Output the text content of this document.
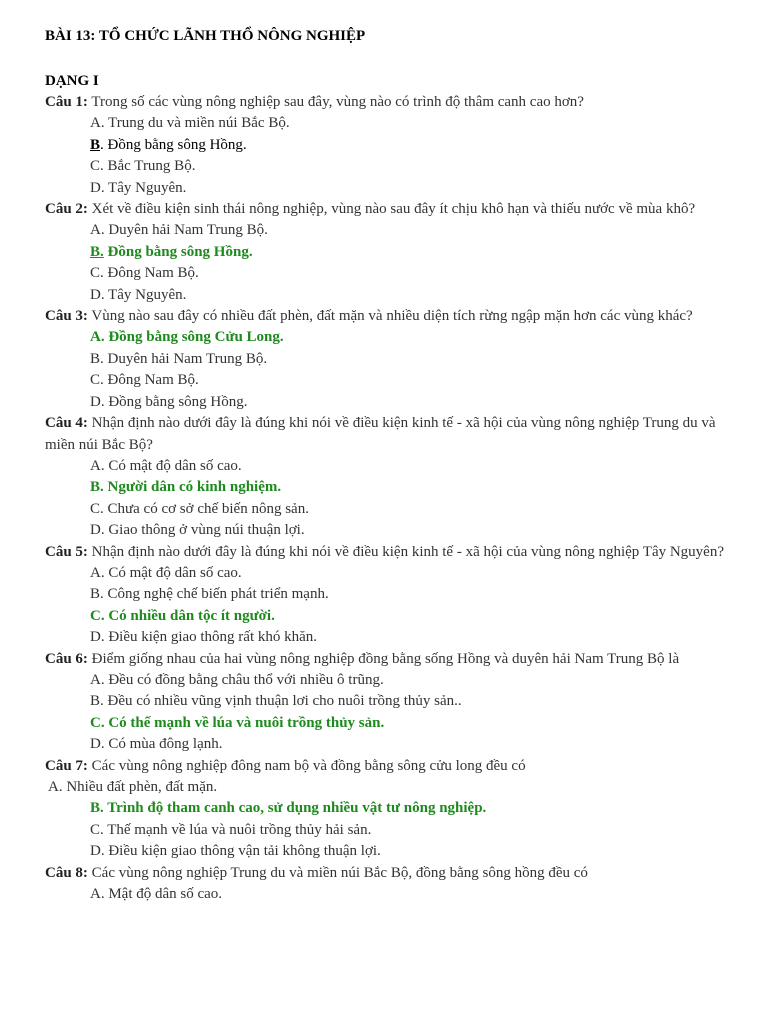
BÀI 13: TỔ CHỨC LÃNH THỔ NÔNG NGHIỆP
DẠNG I
Câu 1: Trong số các vùng nông nghiệp sau đây, vùng nào có trình độ thâm canh cao hơn?
A. Trung du và miền núi Bắc Bộ.
B. Đồng bằng sông Hồng.
C. Bắc Trung Bộ.
D. Tây Nguyên.
Câu 2: Xét về điều kiện sinh thái nông nghiệp, vùng nào sau đây ít chịu khô hạn và thiếu nước về mùa khô?
A. Duyên hải Nam Trung Bộ.
B. Đồng bằng sông Hồng.
C. Đông Nam Bộ.
D. Tây Nguyên.
Câu 3: Vùng nào sau đây có nhiều đất phèn, đất mặn và nhiều diện tích rừng ngập mặn hơn các vùng khác?
A. Đồng bằng sông Cửu Long.
B. Duyên hải Nam Trung Bộ.
C. Đông Nam Bộ.
D. Đồng bằng sông Hồng.
Câu 4: Nhận định nào dưới đây là đúng khi nói về điều kiện kinh tế - xã hội của vùng nông nghiệp Trung du và miền núi Bắc Bộ?
A. Có mật độ dân số cao.
B. Người dân có kinh nghiệm.
C. Chưa có cơ sở chế biến nông sản.
D. Giao thông ở vùng núi thuận lợi.
Câu 5: Nhận định nào dưới đây là đúng khi nói về điều kiện kinh tế - xã hội của vùng nông nghiệp Tây Nguyên?
A. Có mật độ dân số cao.
B. Công nghệ chế biến phát triển mạnh.
C. Có nhiều dân tộc ít người.
D. Điều kiện giao thông rất khó khăn.
Câu 6: Điểm giống nhau của hai vùng nông nghiệp đồng bằng sống Hồng và duyên hải Nam Trung Bộ là
A. Đều có đồng bằng châu thổ với nhiều ô trũng.
B. Đều có nhiều vũng vịnh thuận lơi cho nuôi trồng thủy sản..
C. Có thế mạnh về lúa và nuôi trồng thủy sản.
D. Có mùa đông lạnh.
Câu 7: Các vùng nông nghiệp đông nam bộ và đồng bằng sông cửu long đều có
A. Nhiều đất phèn, đất mặn.
B. Trình độ tham canh cao, sử dụng nhiều vật tư nông nghiệp.
C. Thế mạnh về lúa và nuôi trồng thủy hải sản.
D. Điều kiện giao thông vận tải không thuận lợi.
Câu 8: Các vùng nông nghiệp Trung du và miền núi Bắc Bộ, đồng bằng sông hồng đều có
A. Mật độ dân số cao.
